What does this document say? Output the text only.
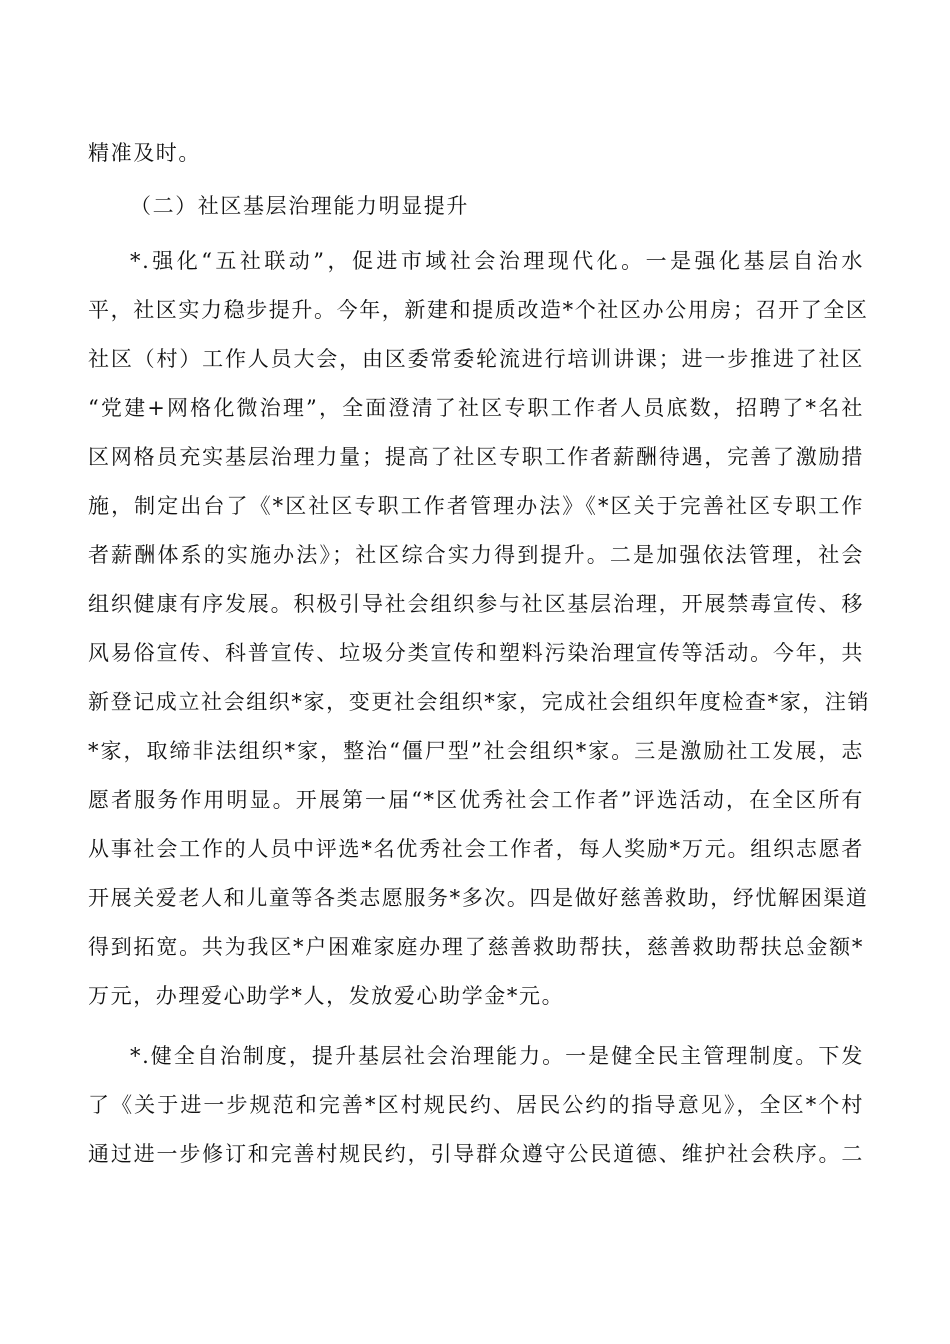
精准及时。
（二）社区基层治理能力明显提升
*.强化“五社联动”，促进市域社会治理现代化。一是强化基层自治水
平，社区实力稳步提升。今年，新建和提质改造*个社区办公用房；召开了全区
社区（村）工作人员大会，由区委常委轮流进行培训讲课；进一步推进了社区
“党建+网格化微治理”，全面澄清了社区专职工作者人员底数，招聘了*名社
区网格员充实基层治理力量；提高了社区专职工作者薪酬待遇，完善了激励措
施，制定出台了《*区社区专职工作者管理办法》《*区关于完善社区专职工作
者薪酬体系的实施办法》；社区综合实力得到提升。二是加强依法管理，社会
组织健康有序发展。积极引导社会组织参与社区基层治理，开展禁毒宣传、移
风易俗宣传、科普宣传、垃圾分类宣传和塑料污染治理宣传等活动。今年，共
新登记成立社会组织*家，变更社会组织*家，完成社会组织年度检查*家，注销
*家，取缔非法组织*家，整治“僵尸型”社会组织*家。三是激励社工发展，志
愿者服务作用明显。开展第一届“*区优秀社会工作者”评选活动，在全区所有
从事社会工作的人员中评选*名优秀社会工作者，每人奖励*万元。组织志愿者
开展关爱老人和儿童等各类志愿服务*多次。四是做好慈善救助，纾忧解困渠道
得到拓宽。共为我区*户困难家庭办理了慈善救助帮扶，慈善救助帮扶总金额*
万元，办理爱心助学*人，发放爱心助学金*元。
*.健全自治制度，提升基层社会治理能力。一是健全民主管理制度。下发
了《关于进一步规范和完善*区村规民约、居民公约的指导意见》，全区*个村
通过进一步修订和完善村规民约，引导群众遵守公民道德、维护社会秩序。二
